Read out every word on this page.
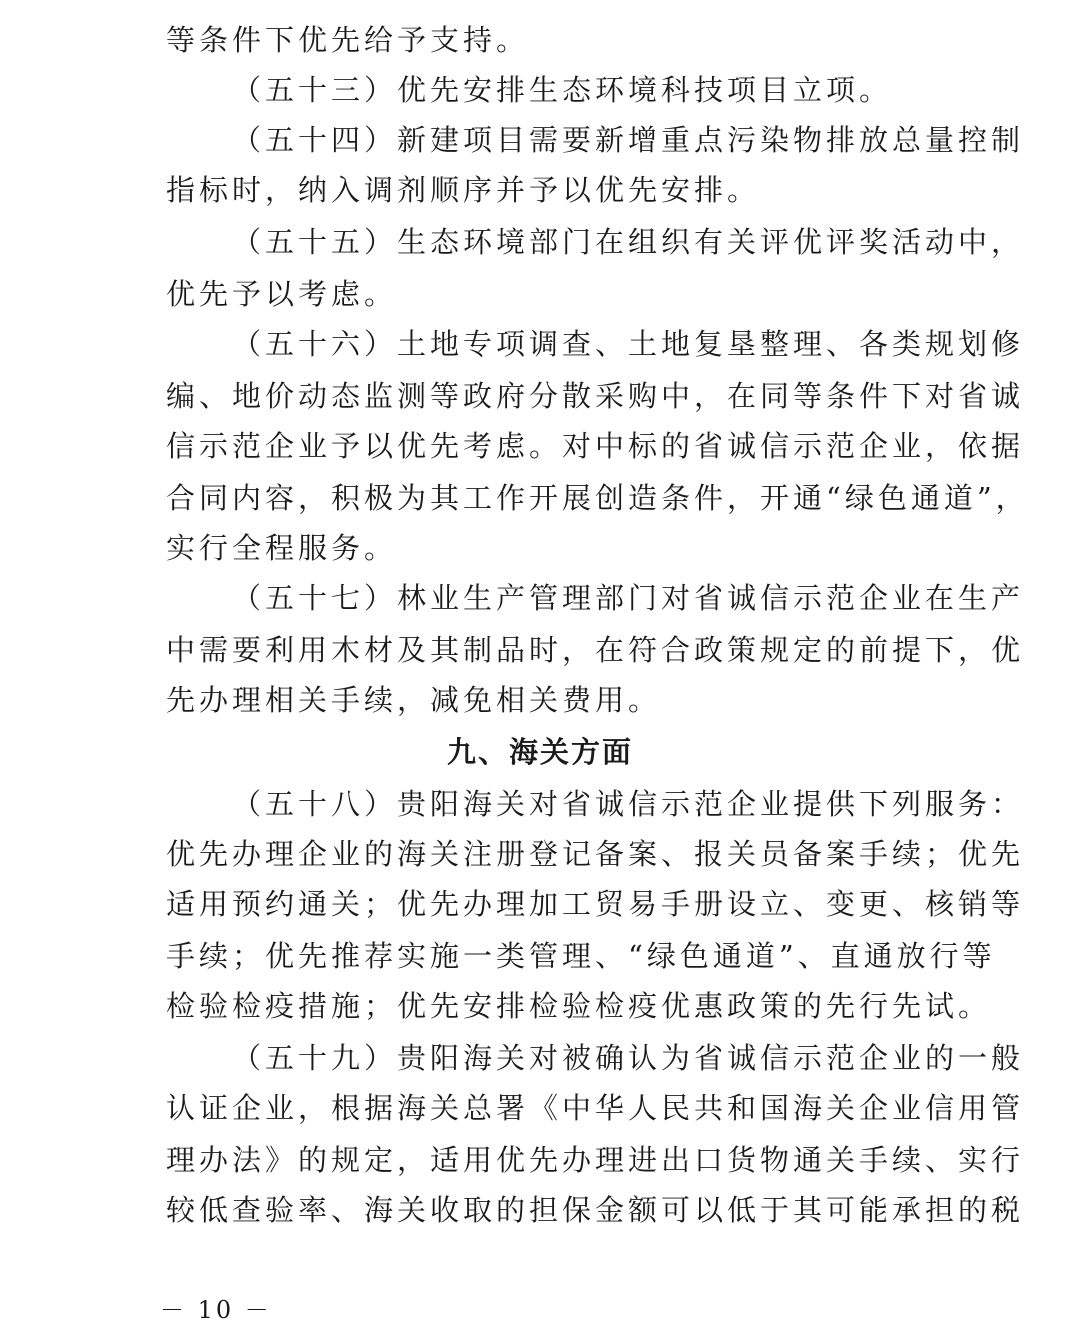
等条件下优先给予支持。
（五十三）优先安排生态环境科技项目立项。
（五十四）新建项目需要新增重点污染物排放总量控制
指标时，纳入调剂顺序并予以优先安排。
（五十五）生态环境部门在组织有关评优评奖活动中，
优先予以考虑。
（五十六）土地专项调查、土地复垦整理、各类规划修
编、地价动态监测等政府分散采购中，在同等条件下对省诚
信示范企业予以优先考虑。对中标的省诚信示范企业，依据
合同内容，积极为其工作开展创造条件，开通“绿色通道”，
实行全程服务。
（五十七）林业生产管理部门对省诚信示范企业在生产
中需要利用木材及其制品时，在符合政策规定的前提下，优
先办理相关手续，减免相关费用。
九、海关方面
（五十八）贵阳海关对省诚信示范企业提供下列服务：
优先办理企业的海关注册登记备案、报关员备案手续；优先
适用预约通关；优先办理加工贸易手册设立、变更、核销等
手续；优先推荐实施一类管理、“绿色通道”、直通放行等
检验检疫措施；优先安排检验检疫优惠政策的先行先试。
（五十九）贵阳海关对被确认为省诚信示范企业的一般
认证企业，根据海关总署《中华人民共和国海关企业信用管
理办法》的规定，适用优先办理进出口货物通关手续、实行
较低查验率、海关收取的担保金额可以低于其可能承担的税
－ 10 －
